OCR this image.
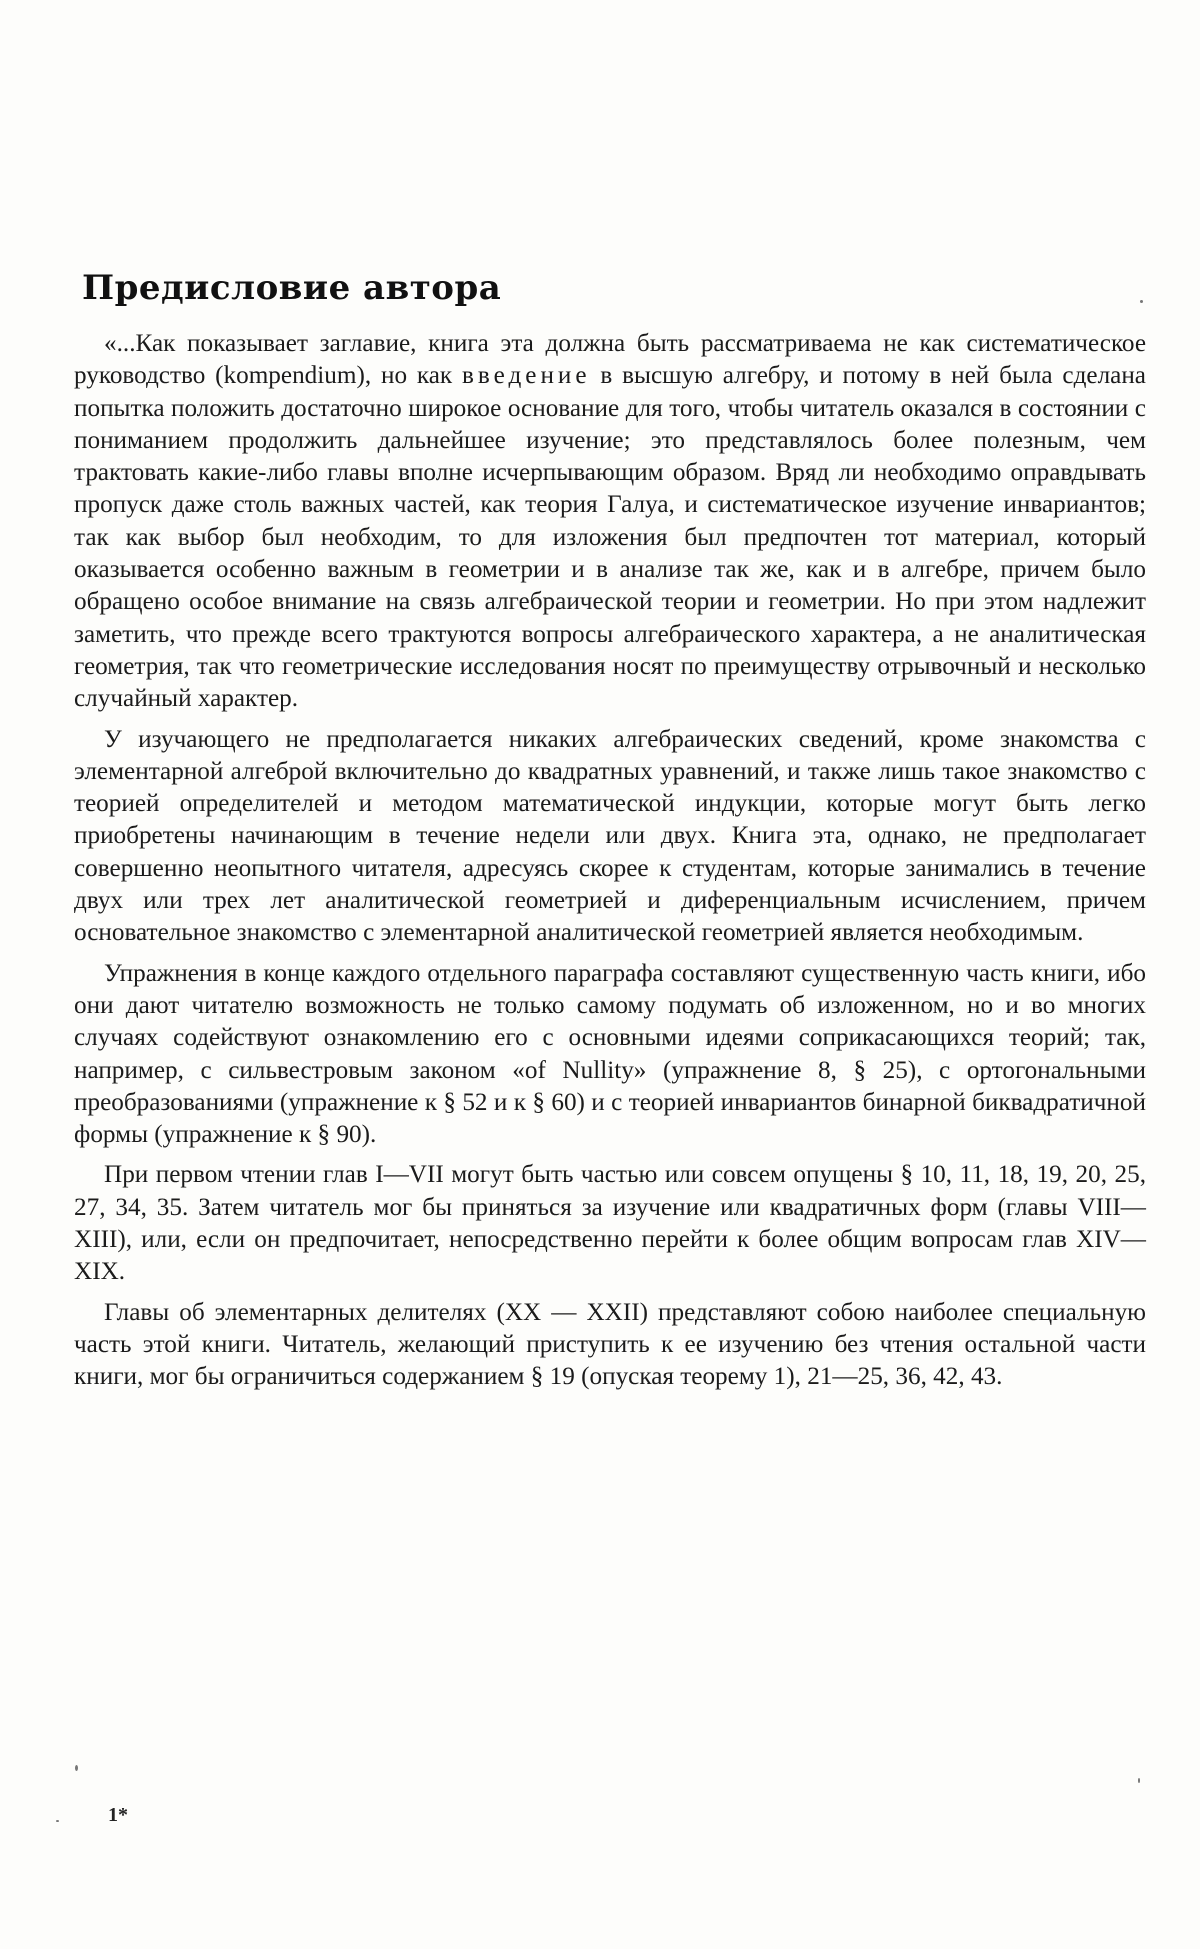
Предисловие автора

«...Как показывает заглавие, книга эта должна быть рассматриваема не как систематическое руководство (kompendium), но как введение в высшую алгебру, и потому в ней была сделана попытка положить достаточно широкое основание для того, чтобы читатель оказался в состоянии с пониманием продолжить дальнейшее изучение; это представлялось более полезным, чем трактовать какие-либо главы вполне исчерпывающим образом. Вряд ли необходимо оправдывать пропуск даже столь важных частей, как теория Галуа, и систематическое изучение инвариантов; так как выбор был необходим, то для изложения был предпочтен тот материал, который оказывается особенно важным в геометрии и в анализе так же, как и в алгебре, причем было обращено особое внимание на связь алгебраической теории и геометрии. Но при этом надлежит заметить, что прежде всего трактуются вопросы алгебраического характера, а не аналитическая геометрия, так что геометрические исследования носят по преимуществу отрывочный и несколько случайный характер.

У изучающего не предполагается никаких алгебраических сведений, кроме знакомства с элементарной алгеброй включительно до квадратных уравнений, и также лишь такое знакомство с теорией определителей и методом математической индукции, которые могут быть легко приобретены начинающим в течение недели или двух. Книга эта, однако, не предполагает совершенно неопытного читателя, адресуясь скорее к студентам, которые занимались в течение двух или трех лет аналитической геометрией и диференциальным исчислением, причем основательное знакомство с элементарной аналитической геометрией является необходимым.

Упражнения в конце каждого отдельного параграфа составляют существенную часть книги, ибо они дают читателю возможность не только самому подумать об изложенном, но и во многих случаях содействуют ознакомлению его с основными идеями соприкасающихся теорий; так, например, с сильвестровым законом «of Nullity» (упражнение 8, § 25), с ортогональными преобразованиями (упражнение к § 52 и к § 60) и с теорией инвариантов бинарной биквадратичной формы (упражнение к § 90).

При первом чтении глав I—VII могут быть частью или совсем опущены § 10, 11, 18, 19, 20, 25, 27, 34, 35. Затем читатель мог бы приняться за изучение или квадратичных форм (главы VIII—XIII), или, если он предпочитает, непосредственно перейти к более общим вопросам глав XIV—XIX.

Главы об элементарных делителях (XX — XXII) представляют собою наиболее специальную часть этой книги. Читатель, желающий приступить к ее изучению без чтения остальной части книги, мог бы ограничиться содержанием § 19 (опуская теорему 1), 21—25, 36, 42, 43.

1*
